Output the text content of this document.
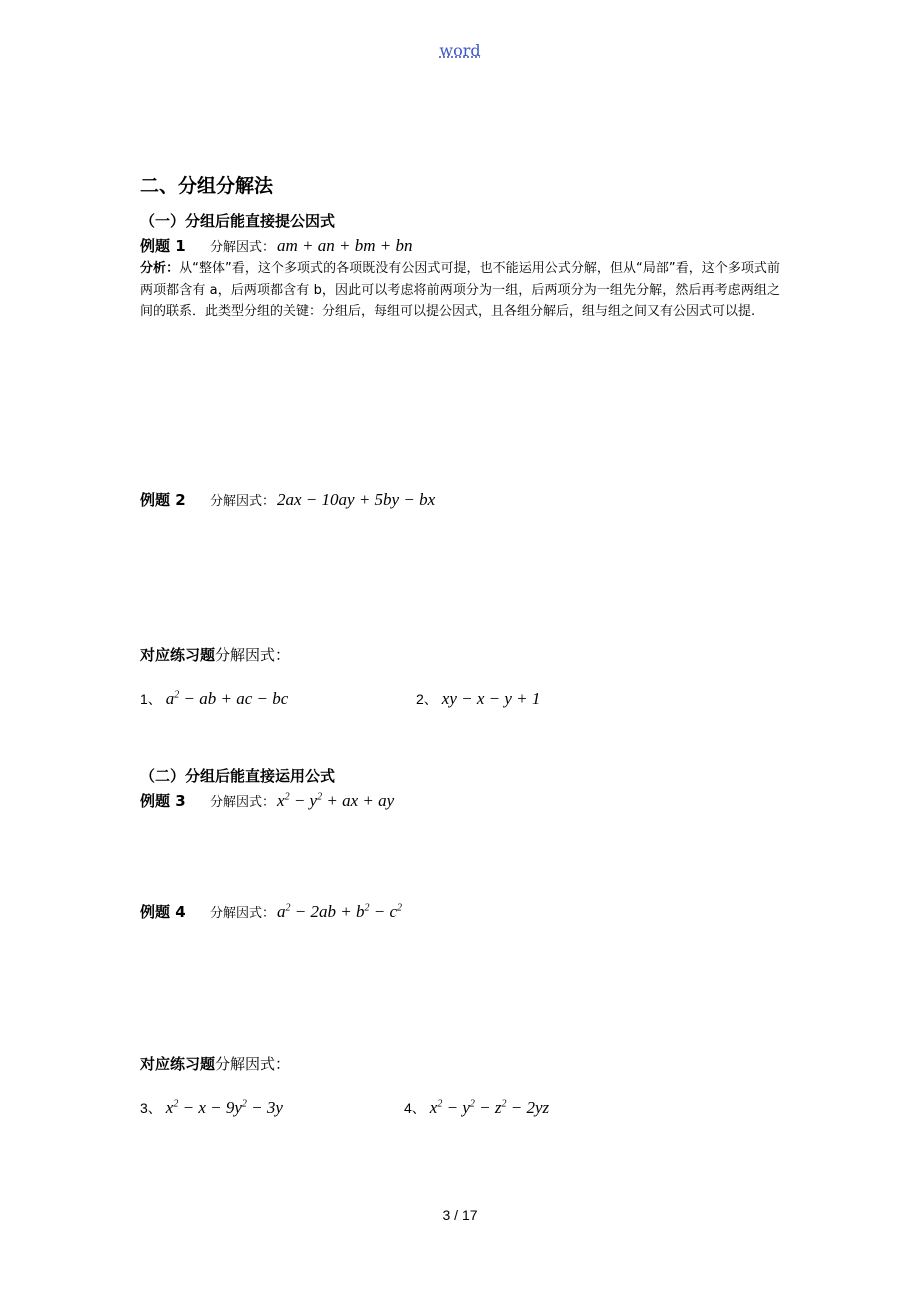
word
二、分组分解法
（一）分组后能直接提公因式
例题 1 分解因式： am + an + bm + bn
分析：从“整体”看，这个多项式的各项既没有公因式可提，也不能运用公式分解，但从“局部”看，这个多项式前两项都含有 a，后两项都含有 b，因此可以考虑将前两项分为一组，后两项分为一组先分解，然后再考虑两组之间的联系．此类型分组的关键：分组后，每组可以提公因式，且各组分解后，组与组之间又有公因式可以提.
例题 2 分解因式： 2ax − 10ay + 5by − bx
对应练习题分解因式：
1、 $a^2$ − ab + ac − bc	2、 xy − x − y + 1
（二）分组后能直接运用公式
例题 3 分解因式： $x^2 - y^2$ + ax + ay
例题 4 分解因式： $a^2 - 2ab + b^2 - c^2$
对应练习题分解因式：
3、 $x^2 - x - 9y^2 - 3y$	4、 $x^2 - y^2 - z^2 - 2yz$
3 / 17
